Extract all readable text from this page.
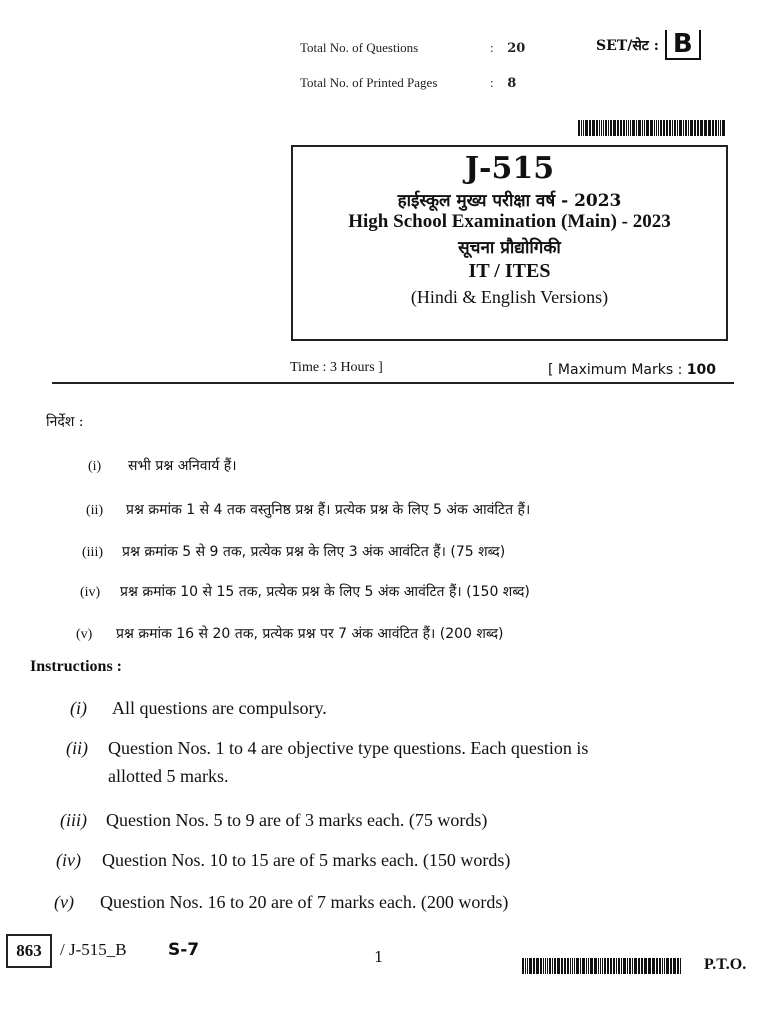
Total No. of Questions	: 20
Total No. of Printed Pages	: 8
SET/सेट : B
J-515
हाईस्कूल मुख्य परीक्षा वर्ष - 2023
High School Examination (Main) - 2023
सूचना प्रौद्योगिकी
IT / ITES
(Hindi & English Versions)
Time : 3 Hours ]	[ Maximum Marks : 100
निर्देश :
(i) सभी प्रश्न अनिवार्य हैं।
(ii) प्रश्न क्रमांक 1 से 4 तक वस्तुनिष्ठ प्रश्न हैं। प्रत्येक प्रश्न के लिए 5 अंक आवंटित हैं।
(iii) प्रश्न क्रमांक 5 से 9 तक, प्रत्येक प्रश्न के लिए 3 अंक आवंटित हैं। (75 शब्द)
(iv) प्रश्न क्रमांक 10 से 15 तक, प्रत्येक प्रश्न के लिए 5 अंक आवंटित हैं। (150 शब्द)
(v) प्रश्न क्रमांक 16 से 20 तक, प्रत्येक प्रश्न पर 7 अंक आवंटित हैं। (200 शब्द)
Instructions :
(i) All questions are compulsory.
(ii) Question Nos. 1 to 4 are objective type questions. Each question is
allotted 5 marks.
(iii) Question Nos. 5 to 9 are of 3 marks each. (75 words)
(iv) Question Nos. 10 to 15 are of 5 marks each. (150 words)
(v) Question Nos. 16 to 20 are of 7 marks each. (200 words)
863	/ J-515_B S-7	1	P.T.O.
